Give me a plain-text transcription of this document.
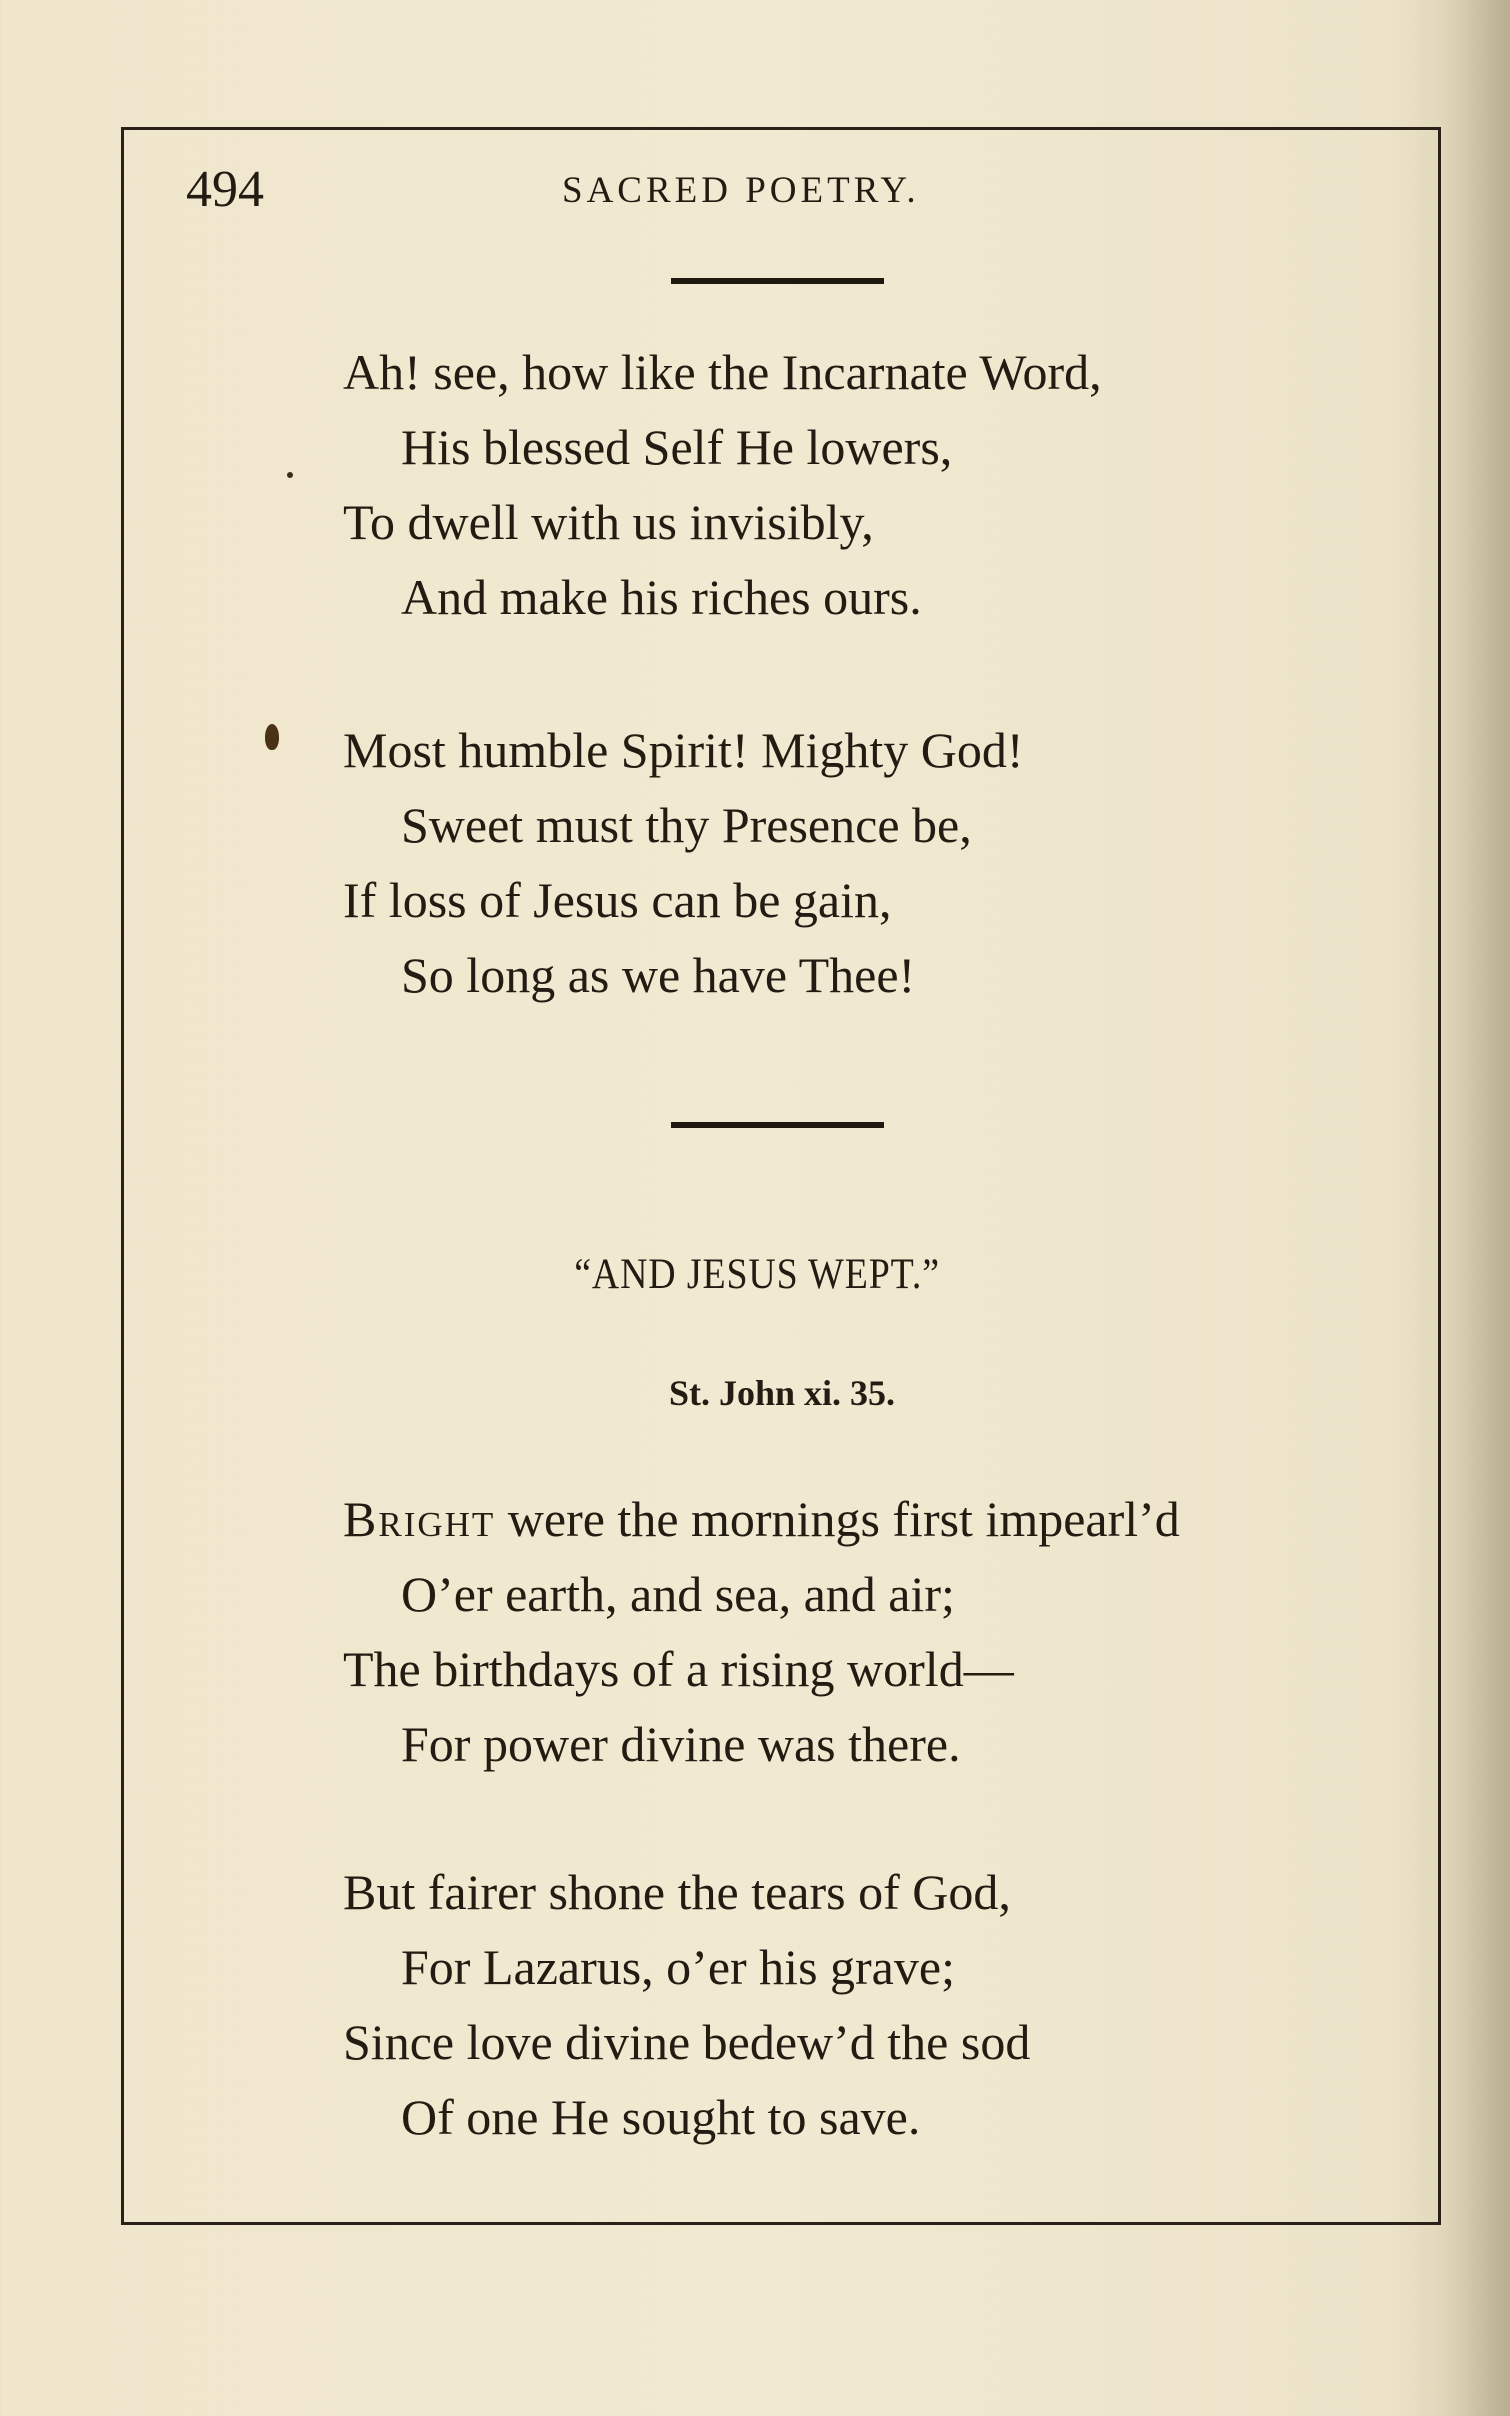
494	SACRED POETRY.
Ah! see, how like the Incarnate Word,
His blessed Self He lowers,
To dwell with us invisibly,
And make his riches ours.
Most humble Spirit! Mighty God!
Sweet must thy Presence be,
If loss of Jesus can be gain,
So long as we have Thee!
“AND JESUS WEPT.”
St. John xi. 35.
Bright were the mornings first impearl’d
O’er earth, and sea, and air;
The birthdays of a rising world—
For power divine was there.
But fairer shone the tears of God,
For Lazarus, o’er his grave;
Since love divine bedew’d the sod
Of one He sought to save.
